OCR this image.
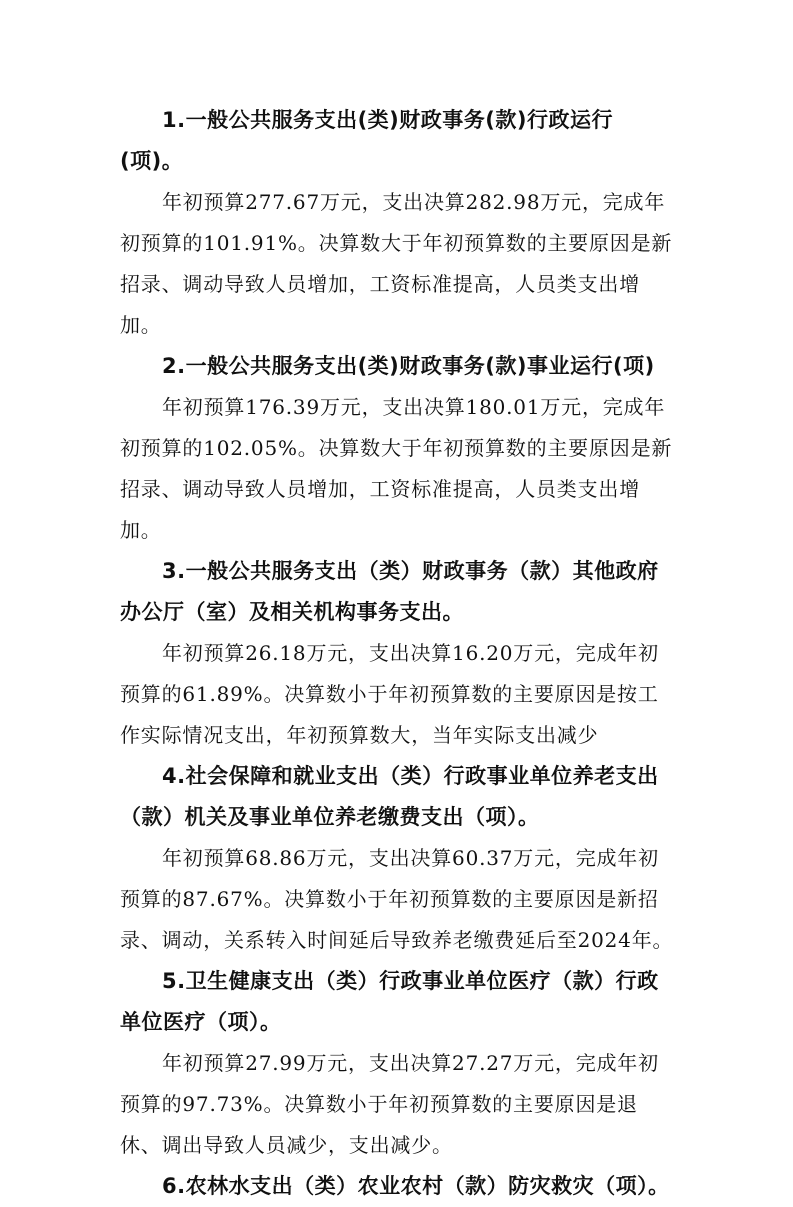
1.一般公共服务支出(类)财政事务(款)行政运行(项)。

年初预算277.67万元，支出决算282.98万元，完成年初预算的101.91%。决算数大于年初预算数的主要原因是新招录、调动导致人员增加，工资标准提高，人员类支出增加。

2.一般公共服务支出(类)财政事务(款)事业运行(项)

年初预算176.39万元，支出决算180.01万元，完成年初预算的102.05%。决算数大于年初预算数的主要原因是新招录、调动导致人员增加，工资标准提高，人员类支出增加。

3.一般公共服务支出（类）财政事务（款）其他政府办公厅（室）及相关机构事务支出。

年初预算26.18万元，支出决算16.20万元，完成年初预算的61.89%。决算数小于年初预算数的主要原因是按工作实际情况支出，年初预算数大，当年实际支出减少

4.社会保障和就业支出（类）行政事业单位养老支出（款）机关及事业单位养老缴费支出（项）。

年初预算68.86万元，支出决算60.37万元，完成年初预算的87.67%。决算数小于年初预算数的主要原因是新招录、调动，关系转入时间延后导致养老缴费延后至2024年。

5.卫生健康支出（类）行政事业单位医疗（款）行政单位医疗（项）。

年初预算27.99万元，支出决算27.27万元，完成年初预算的97.73%。决算数小于年初预算数的主要原因是退休、调出导致人员减少，支出减少。

6.农林水支出（类）农业农村（款）防灾救灾（项）。
